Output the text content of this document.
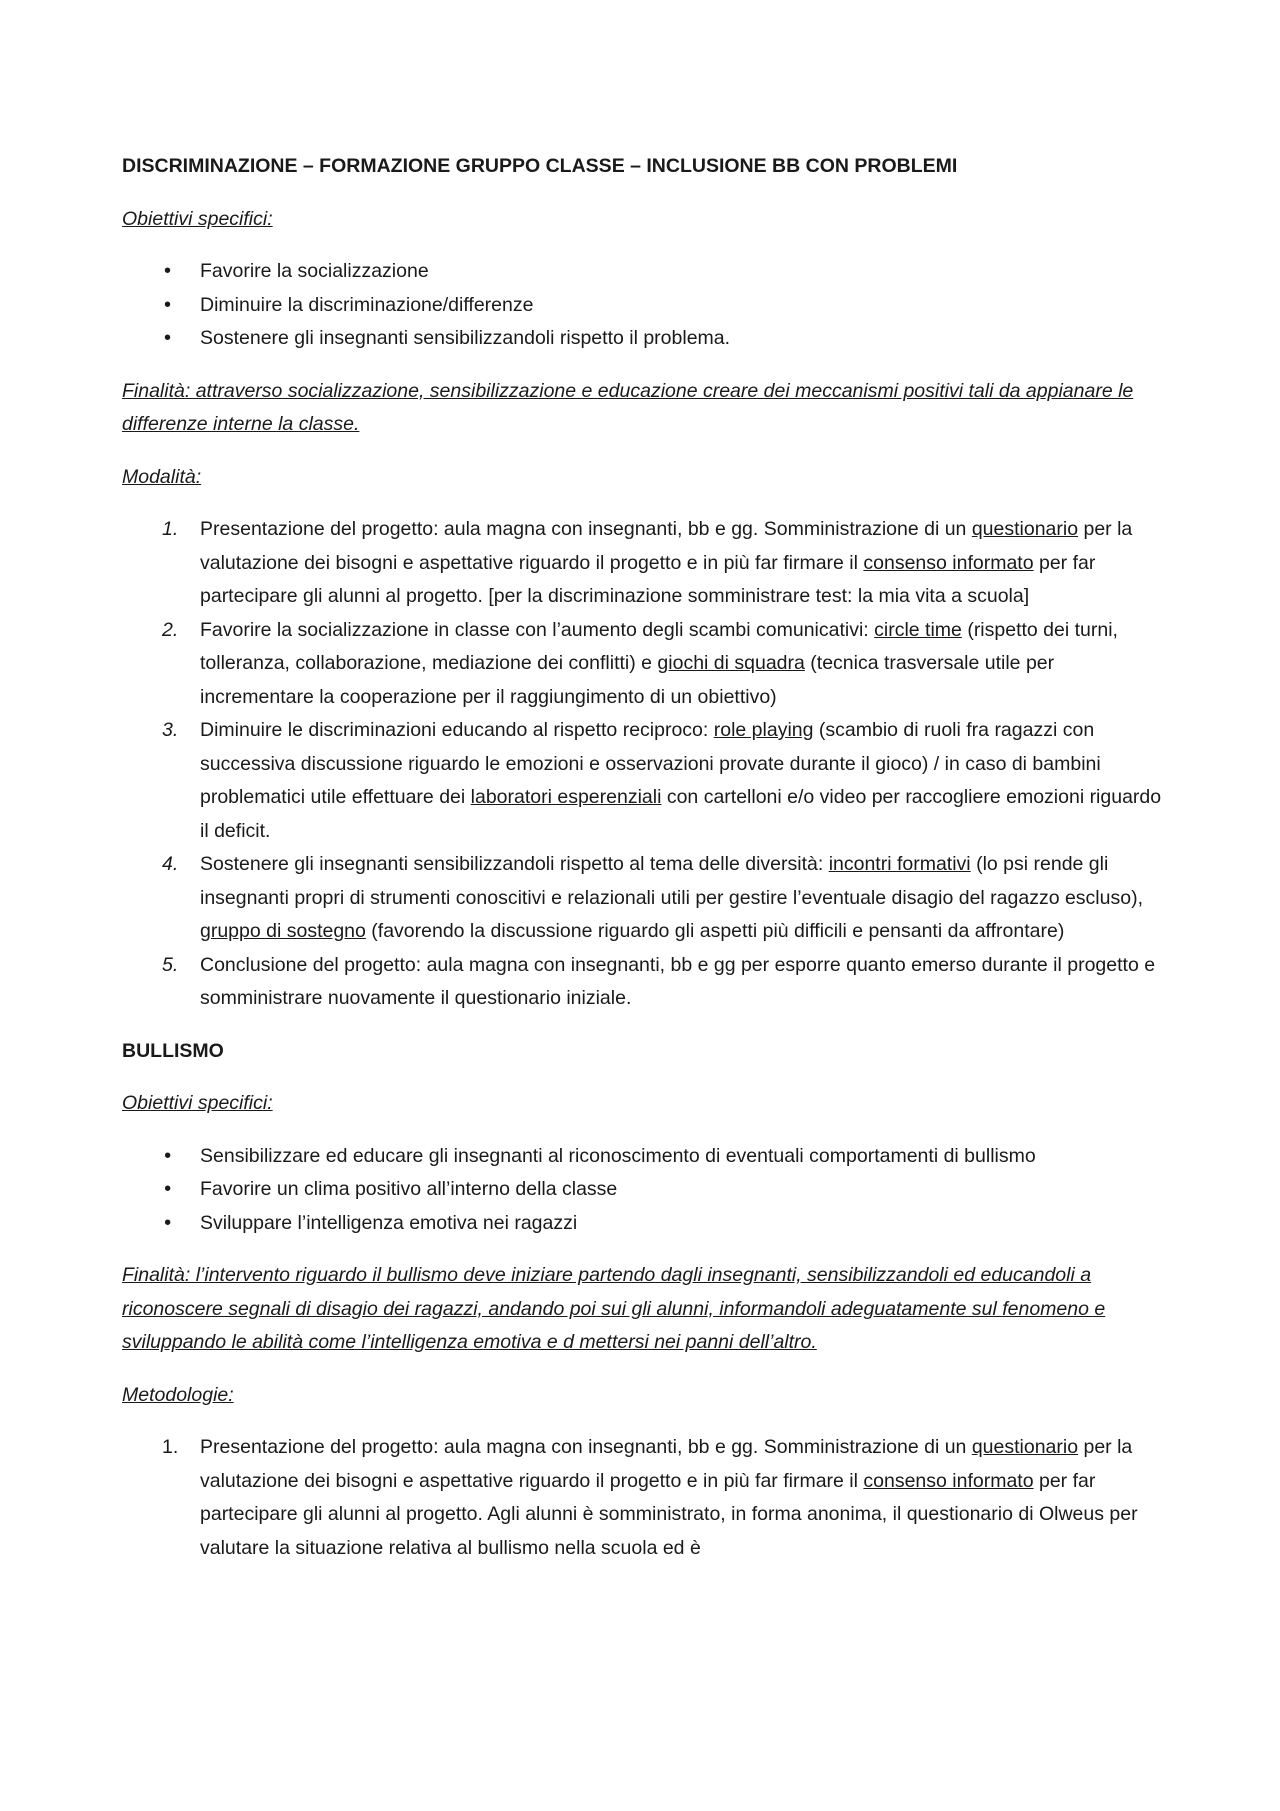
DISCRIMINAZIONE – FORMAZIONE GRUPPO CLASSE – INCLUSIONE BB CON PROBLEMI
Obiettivi specifici:
• Favorire la socializzazione
• Diminuire la discriminazione/differenze
• Sostenere gli insegnanti sensibilizzandoli rispetto il problema.
Finalità: attraverso socializzazione, sensibilizzazione e educazione creare dei meccanismi positivi tali da appianare le differenze interne la classe.
Modalità:
1. Presentazione del progetto: aula magna con insegnanti, bb e gg. Somministrazione di un questionario per la valutazione dei bisogni e aspettative riguardo il progetto e in più far firmare il consenso informato per far partecipare gli alunni al progetto. [per la discriminazione somministrare test: la mia vita a scuola]
2. Favorire la socializzazione in classe con l’aumento degli scambi comunicativi: circle time (rispetto dei turni, tolleranza, collaborazione, mediazione dei conflitti) e giochi di squadra (tecnica trasversale utile per incrementare la cooperazione per il raggiungimento di un obiettivo)
3. Diminuire le discriminazioni educando al rispetto reciproco: role playing (scambio di ruoli fra ragazzi con successiva discussione riguardo le emozioni e osservazioni provate durante il gioco) / in caso di bambini problematici utile effettuare dei laboratori esperenziali con cartelloni e/o video per raccogliere emozioni riguardo il deficit.
4. Sostenere gli insegnanti sensibilizzandoli rispetto al tema delle diversità: incontri formativi (lo psi rende gli insegnanti propri di strumenti conoscitivi e relazionali utili per gestire l’eventuale disagio del ragazzo escluso), gruppo di sostegno (favorendo la discussione riguardo gli aspetti più difficili e pensanti da affrontare)
5. Conclusione del progetto: aula magna con insegnanti, bb e gg per esporre quanto emerso durante il progetto e somministrare nuovamente il questionario iniziale.
BULLISMO
Obiettivi specifici:
• Sensibilizzare ed educare gli insegnanti al riconoscimento di eventuali comportamenti di bullismo
• Favorire un clima positivo all’interno della classe
• Sviluppare l’intelligenza emotiva nei ragazzi
Finalità: l’intervento riguardo il bullismo deve iniziare partendo dagli insegnanti, sensibilizzandoli ed educandoli a riconoscere segnali di disagio dei ragazzi, andando poi sui gli alunni, informandoli adeguatamente sul fenomeno e sviluppando le abilità come l’intelligenza emotiva e d mettersi nei panni dell’altro.
Metodologie:
1. Presentazione del progetto: aula magna con insegnanti, bb e gg. Somministrazione di un questionario per la valutazione dei bisogni e aspettative riguardo il progetto e in più far firmare il consenso informato per far partecipare gli alunni al progetto. Agli alunni è somministrato, in forma anonima, il questionario di Olweus per valutare la situazione relativa al bullismo nella scuola ed è
